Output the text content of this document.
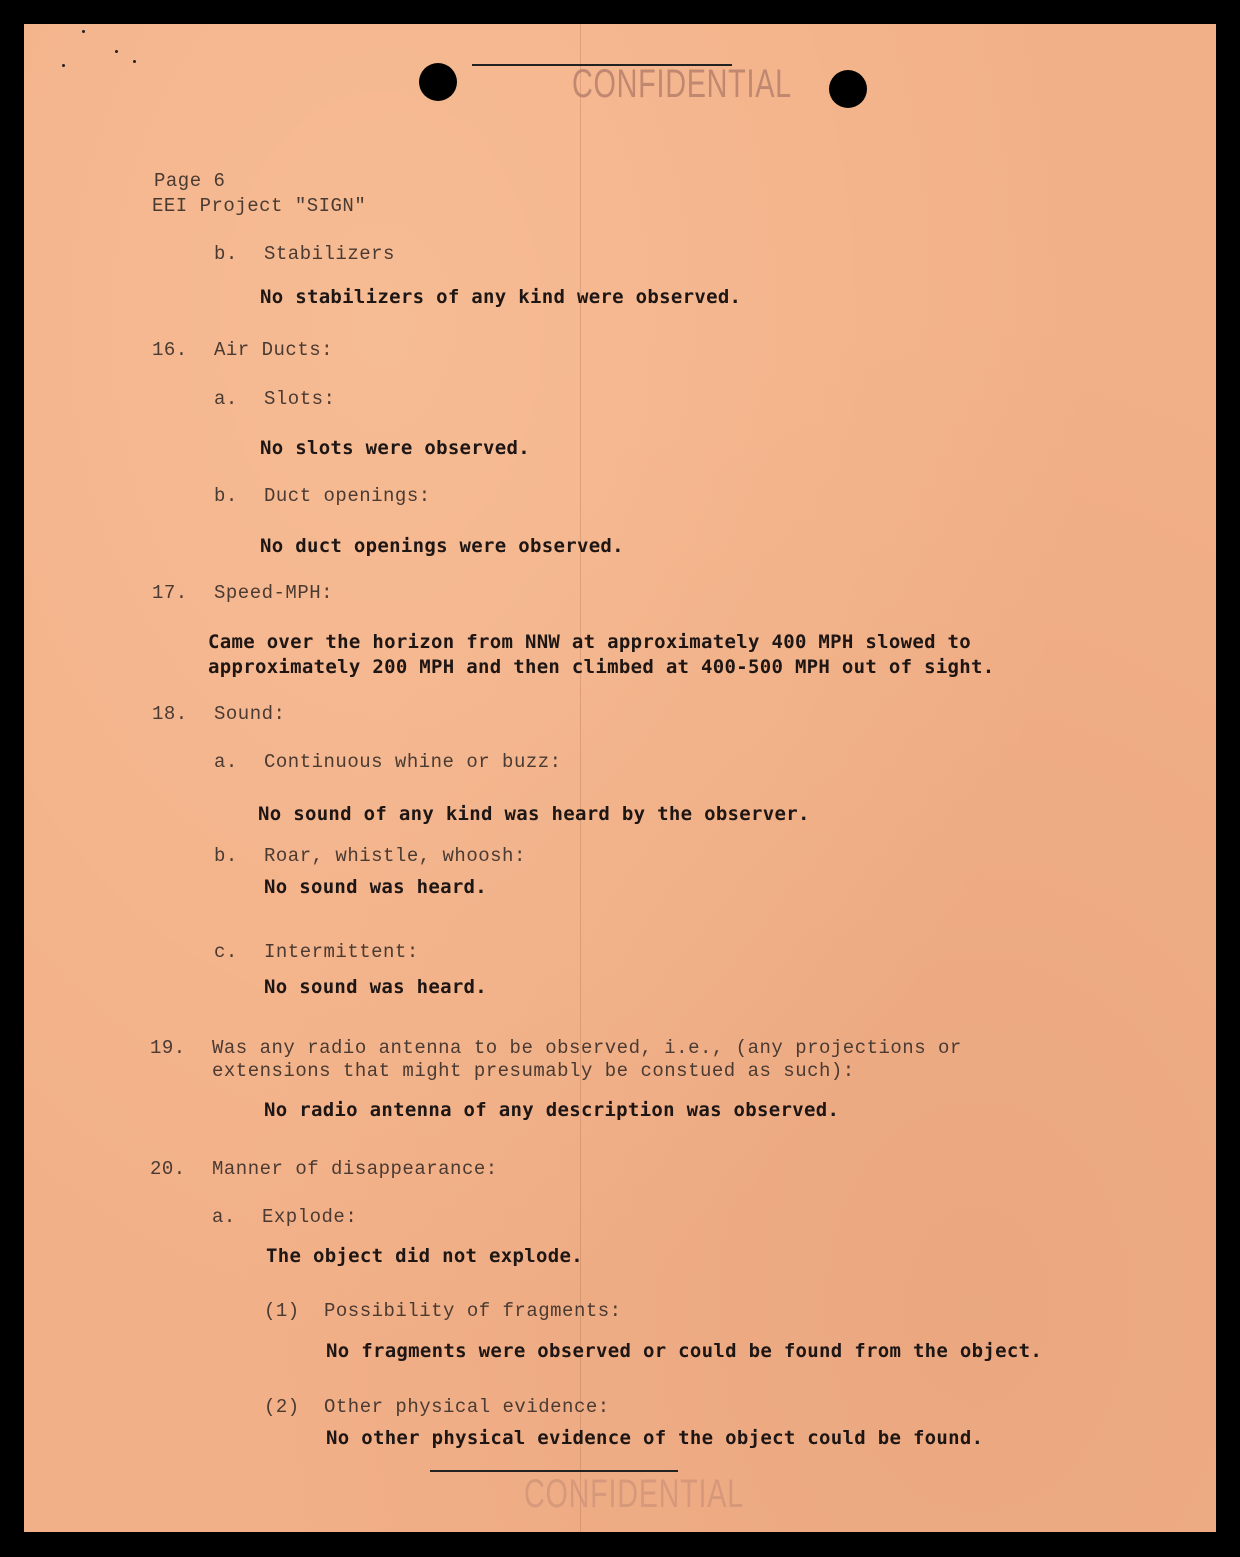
CONFIDENTIAL
Page 6
EEI Project "SIGN"
b. Stabilizers
No stabilizers of any kind were observed.
16. Air Ducts:
a. Slots:
No slots were observed.
b. Duct openings:
No duct openings were observed.
17. Speed-MPH:
Came over the horizon from NNW at approximately 400 MPH slowed to
approximately 200 MPH and then climbed at 400-500 MPH out of sight.
18. Sound:
a. Continuous whine or buzz:
No sound of any kind was heard by the observer.
b. Roar, whistle, whoosh:
No sound was heard.
c. Intermittent:
No sound was heard.
19. Was any radio antenna to be observed, i.e., (any projections or
extensions that might presumably be constued as such):
No radio antenna of any description was observed.
20. Manner of disappearance:
a. Explode:
The object did not explode.
(1) Possibility of fragments:
No fragments were observed or could be found from the object.
(2) Other physical evidence:
No other physical evidence of the object could be found.
CONFIDENTIAL
